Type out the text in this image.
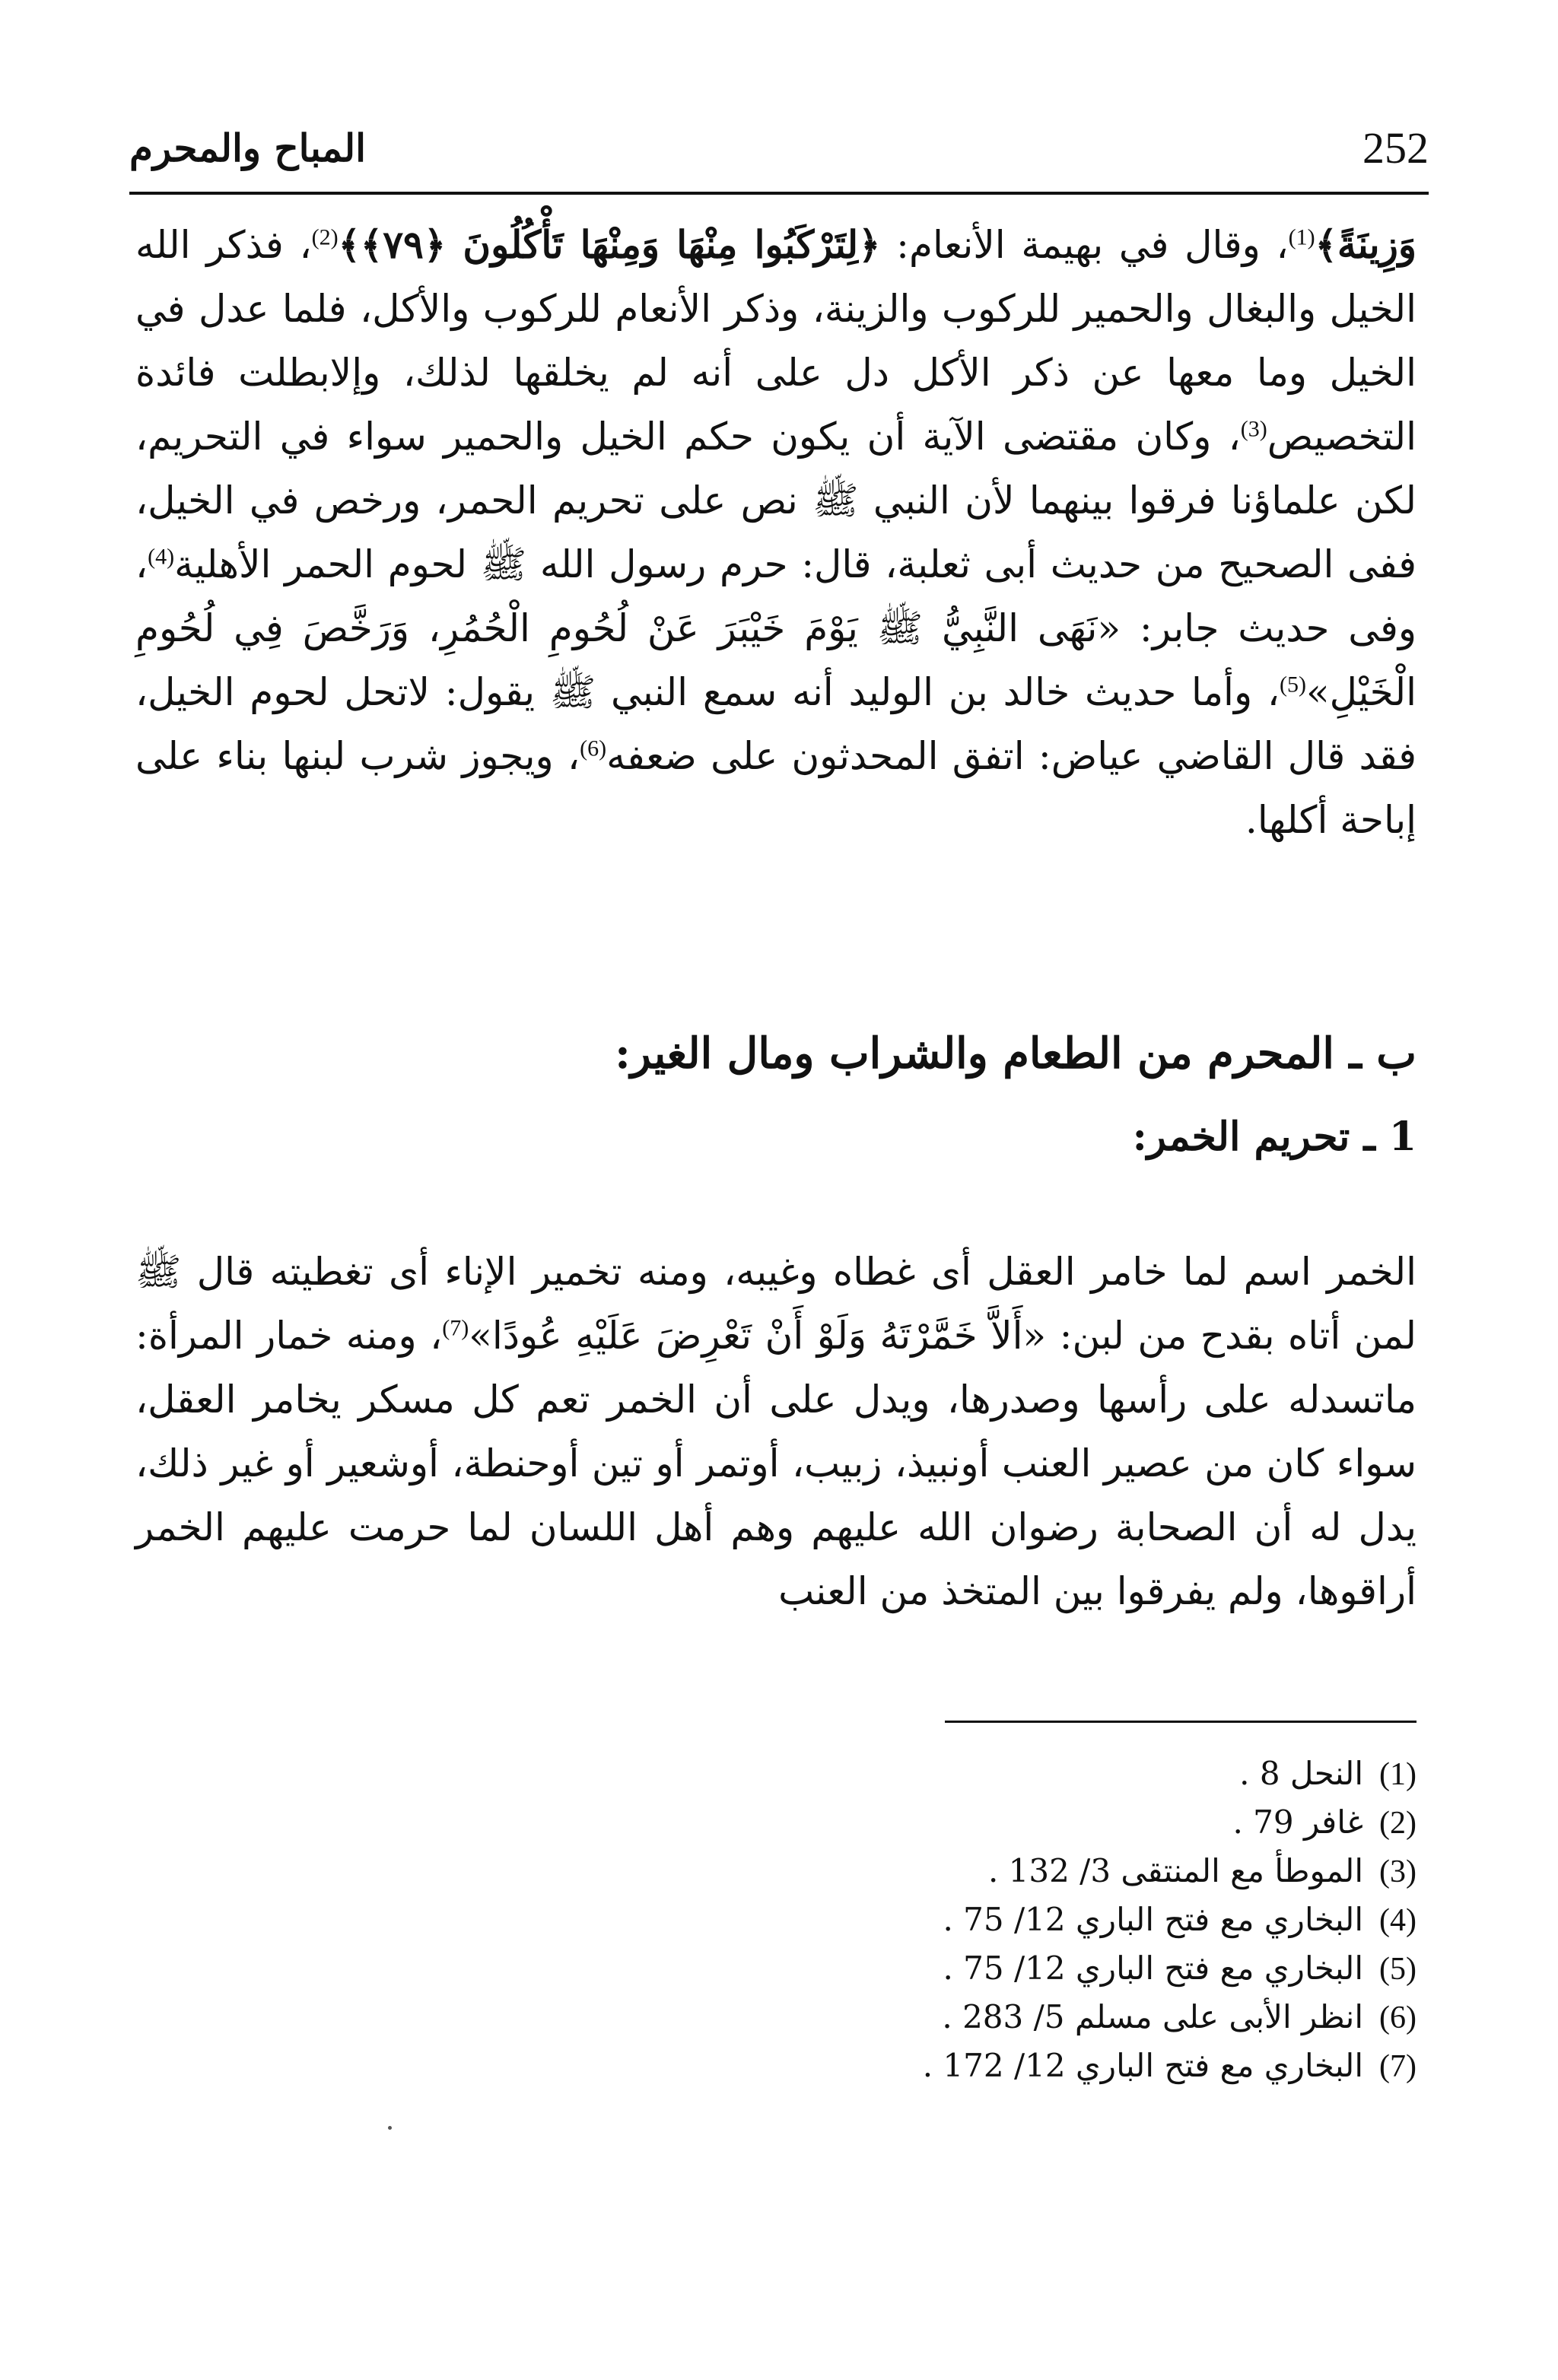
252
المباح والمحرم
وَزِينَةً﴾$^{(1)}$، وقال في بهيمة الأنعام: ﴿لِتَرْكَبُوا مِنْهَا وَمِنْهَا تَأْكُلُونَ ﴿٧٩﴾﴾$^{(2)}$، فذكر الله الخيل والبغال والحمير للركوب والزينة، وذكر الأنعام للركوب والأكل، فلما عدل في الخيل وما معها عن ذكر الأكل دل على أنه لم يخلقها لذلك، وإلابطلت فائدة التخصيص$^{(3)}$، وكان مقتضى الآية أن يكون حكم الخيل والحمير سواء في التحريم، لكن علماؤنا فرقوا بينهما لأن النبي ﷺ نص على تحريم الحمر، ورخص في الخيل، ففى الصحيح من حديث أبى ثعلبة، قال: حرم رسول الله ﷺ لحوم الحمر الأهلية$^{(4)}$، وفى حديث جابر: «نَهَى النَّبِيُّ ﷺ يَوْمَ خَيْبَرَ عَنْ لُحُومِ الْحُمُرِ، وَرَخَّصَ فِي لُحُومِ الْخَيْلِ»$^{(5)}$، وأما حديث خالد بن الوليد أنه سمع النبي ﷺ يقول: لاتحل لحوم الخيل، فقد قال القاضي عياض: اتفق المحدثون على ضعفه$^{(6)}$، ويجوز شرب لبنها بناء على إباحة أكلها.
ب ـ المحرم من الطعام والشراب ومال الغير:
1 ـ تحريم الخمر:
الخمر اسم لما خامر العقل أى غطاه وغيبه، ومنه تخمير الإناء أى تغطيته قال ﷺ لمن أتاه بقدح من لبن: «أَلاَّ خَمَّرْتَهُ وَلَوْ أَنْ تَعْرِضَ عَلَيْهِ عُودًا»$^{(7)}$، ومنه خمار المرأة: ماتسدله على رأسها وصدرها، ويدل على أن الخمر تعم كل مسكر يخامر العقل، سواء كان من عصير العنب أونبيذ، زبيب، أوتمر أو تين أوحنطة، أوشعير أو غير ذلك، يدل له أن الصحابة رضوان الله عليهم وهم أهل اللسان لما حرمت عليهم الخمر أراقوها، ولم يفرقوا بين المتخذ من العنب
(1)النحل 8 .
(2)غافر 79 .
(3)الموطأ مع المنتقى 3/ 132 .
(4)البخاري مع فتح الباري 12/ 75 .
(5)البخاري مع فتح الباري 12/ 75 .
(6)انظر الأبى على مسلم 5/ 283 .
(7)البخاري مع فتح الباري 12/ 172 .
